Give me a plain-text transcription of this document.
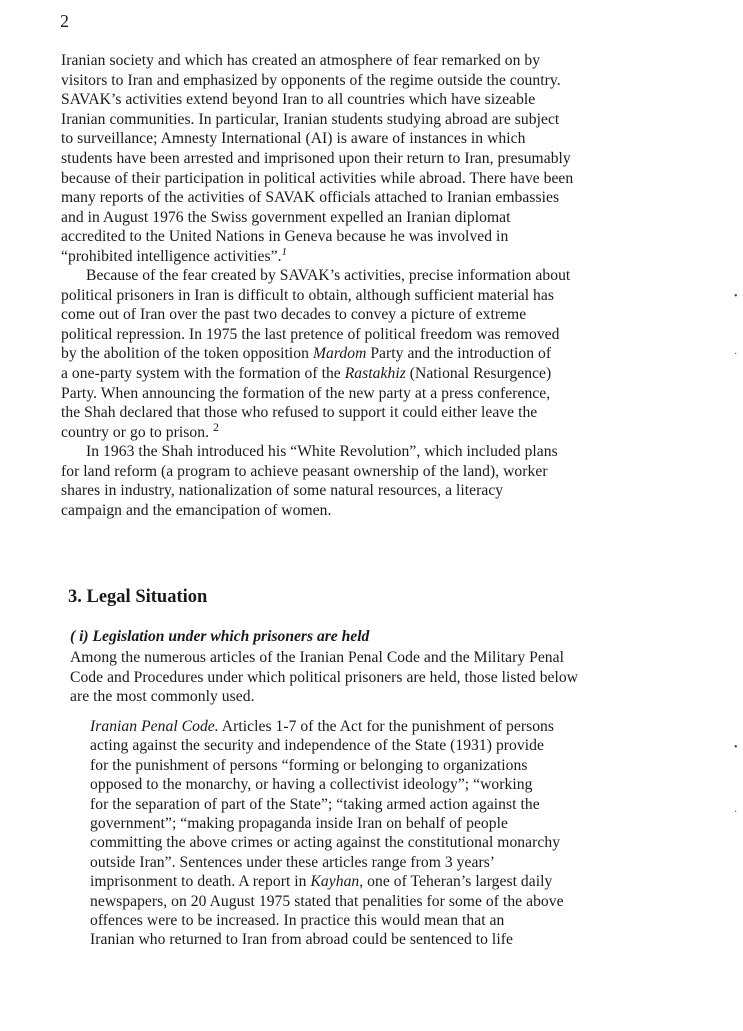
2
Iranian society and which has created an atmosphere of fear remarked on by
visitors to Iran and emphasized by opponents of the regime outside the country.
SAVAK’s activities extend beyond Iran to all countries which have sizeable
Iranian communities. In particular, Iranian students studying abroad are subject
to surveillance; Amnesty International (AI) is aware of instances in which
students have been arrested and imprisoned upon their return to Iran, presumably
because of their participation in political activities while abroad. There have been
many reports of the activities of SAVAK officials attached to Iranian embassies
and in August 1976 the Swiss government expelled an Iranian diplomat
accredited to the United Nations in Geneva because he was involved in
“prohibited intelligence activities”.$^1$
Because of the fear created by SAVAK’s activities, precise information about
political prisoners in Iran is difficult to obtain, although sufficient material has
come out of Iran over the past two decades to convey a picture of extreme
political repression. In 1975 the last pretence of political freedom was removed
by the abolition of the token opposition Mardom Party and the introduction of
a one-party system with the formation of the Rastakhiz (National Resurgence)
Party. When announcing the formation of the new party at a press conference,
the Shah declared that those who refused to support it could either leave the
country or go to prison. $^2$
In 1963 the Shah introduced his “White Revolution”, which included plans
for land reform (a program to achieve peasant ownership of the land), worker
shares in industry, nationalization of some natural resources, a literacy
campaign and the emancipation of women.
3. Legal Situation
( i) Legislation under which prisoners are held
Among the numerous articles of the Iranian Penal Code and the Military Penal
Code and Procedures under which political prisoners are held, those listed below
are the most commonly used.
Iranian Penal Code. Articles 1-7 of the Act for the punishment of persons
acting against the security and independence of the State (1931) provide
for the punishment of persons “forming or belonging to organizations
opposed to the monarchy, or having a collectivist ideology”; “working
for the separation of part of the State”; “taking armed action against the
government”; “making propaganda inside Iran on behalf of people
committing the above crimes or acting against the constitutional monarchy
outside Iran”. Sentences under these articles range from 3 years’
imprisonment to death. A report in Kayhan, one of Teheran’s largest daily
newspapers, on 20 August 1975 stated that penalities for some of the above
offences were to be increased. In practice this would mean that an
Iranian who returned to Iran from abroad could be sentenced to life
•
·
•
·
